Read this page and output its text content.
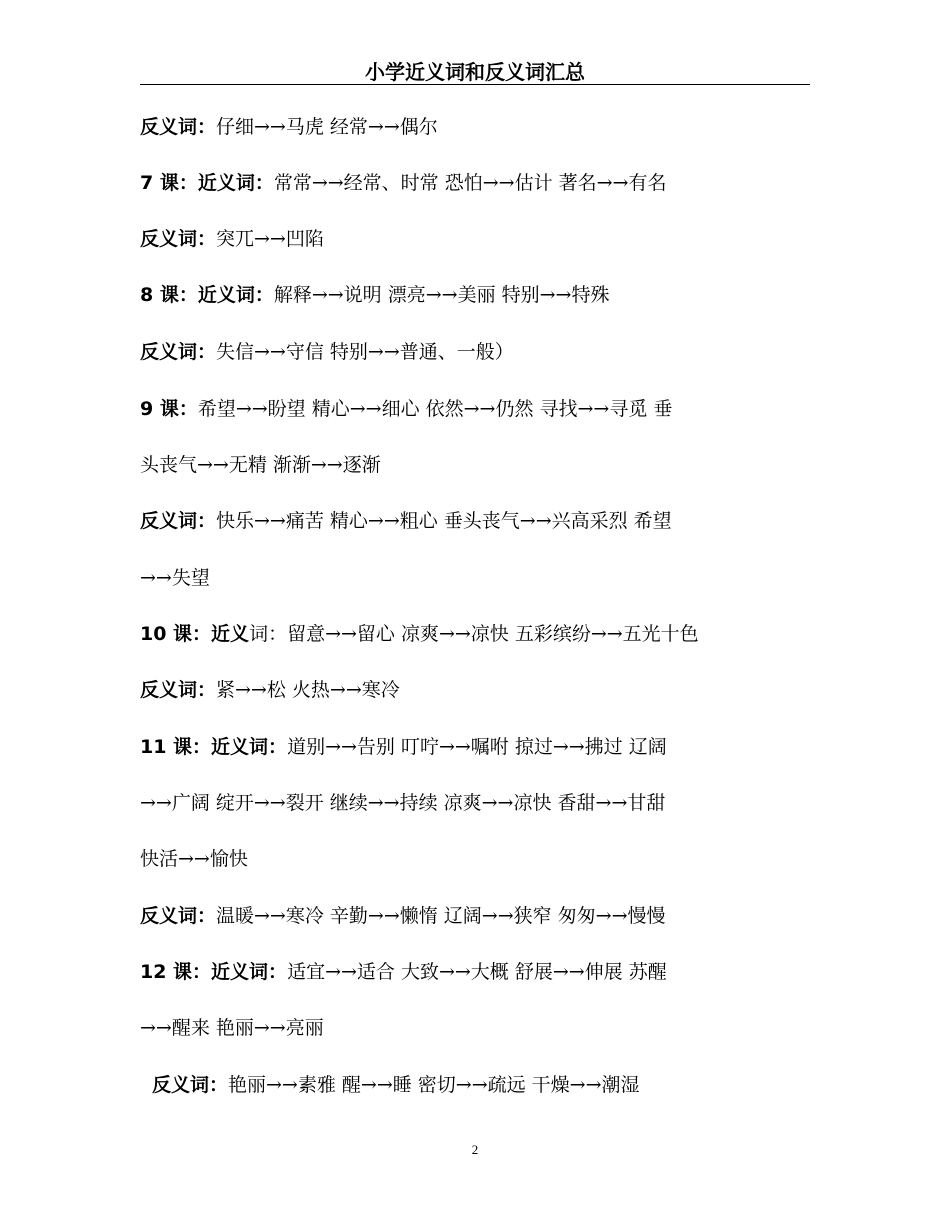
小学近义词和反义词汇总
反义词：仔细→→马虎 经常→→偶尔
7 课：近义词：常常→→经常、时常 恐怕→→估计 著名→→有名
反义词：突兀→→凹陷
8 课：近义词：解释→→说明 漂亮→→美丽 特别→→特殊
反义词：失信→→守信 特别→→普通、一般）
9 课：希望→→盼望 精心→→细心 依然→→仍然 寻找→→寻觅 垂
头丧气→→无精 渐渐→→逐渐
反义词：快乐→→痛苦 精心→→粗心 垂头丧气→→兴高采烈 希望
→→失望
10 课：近义词：留意→→留心 凉爽→→凉快 五彩缤纷→→五光十色
反义词：紧→→松 火热→→寒冷
11 课：近义词：道别→→告别 叮咛→→嘱咐 掠过→→拂过 辽阔
→→广阔 绽开→→裂开 继续→→持续 凉爽→→凉快 香甜→→甘甜
快活→→愉快
反义词：温暖→→寒冷 辛勤→→懒惰 辽阔→→狭窄 匆匆→→慢慢
12 课：近义词：适宜→→适合 大致→→大概 舒展→→伸展 苏醒
→→醒来 艳丽→→亮丽
反义词：艳丽→→素雅 醒→→睡 密切→→疏远 干燥→→潮湿
2
